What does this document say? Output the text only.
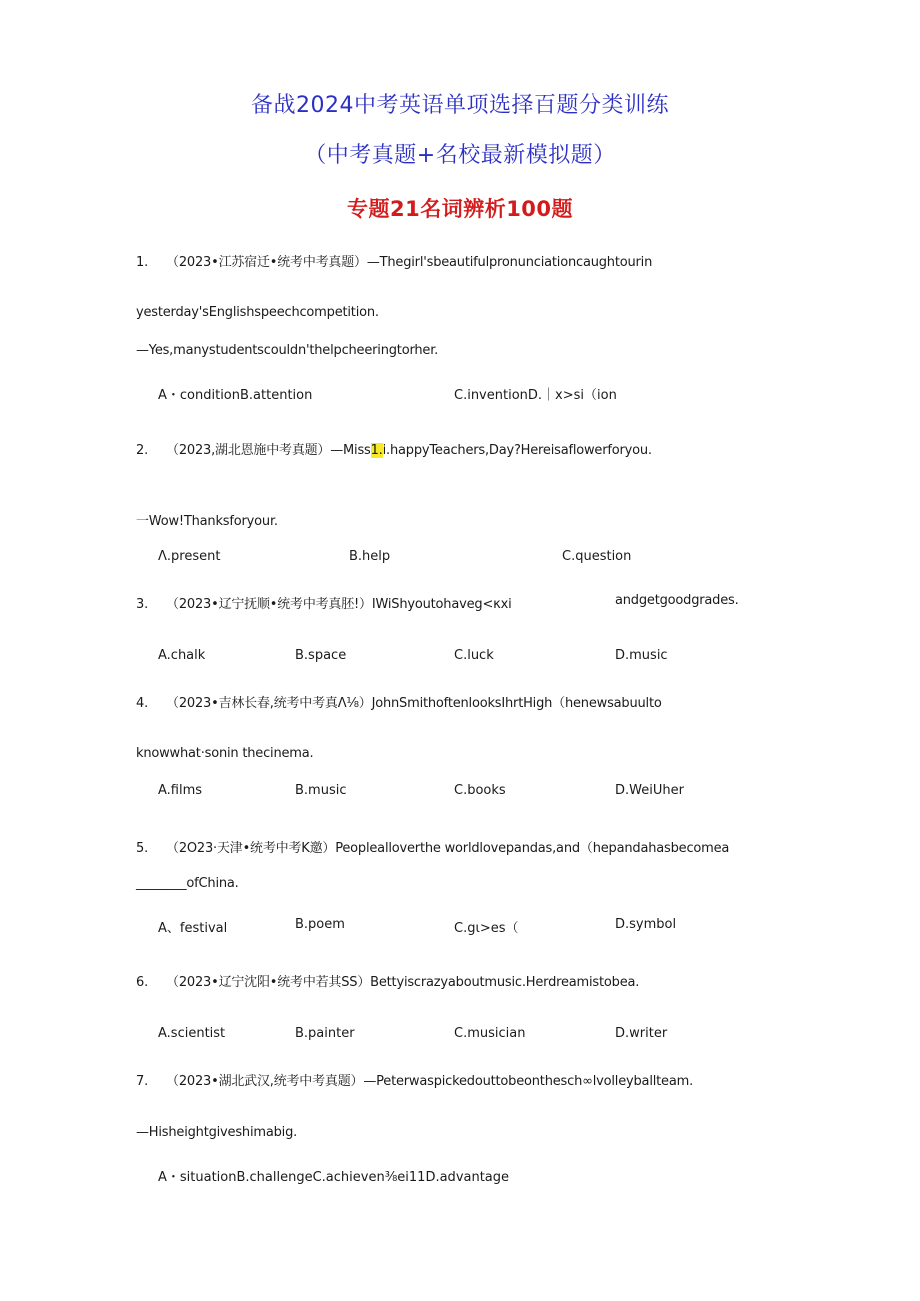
备战2024中考英语单项选择百题分类训练
（中考真题+名校最新模拟题）
专题21名词辨析100题
1. （2023•江苏宿迁•统考中考真题）—Thegirl'sbeautifulpronunciationcaughtourin
yesterday'sEnglishspeechcompetition.
—Yes,manystudentscouldn'thelpcheeringtorher.
A・conditionB.attention	C.inventionD.｜x>si（ion
2. （2023,湖北恩施中考真题）—Miss1.i.happyTeachers,Day?Hereisaflowerforyou.
一Wow!Thanksforyour.
Λ.present	B.help	C.question
3. （2023•辽宁抚顺•统考中考真胚!）IWiShyoutohaveg<κxi	andgetgoodgrades.
A.chalk	B.space	C.luck	D.music
4. （2023•吉林长春,统考中考真Λ⅛）JohnSmithoftenlooksIhrtHigh（henewsabuulto
knowwhat·sonin thecinema.
A.films	B.music	C.books	D.WeiUher
5. （2O23·天津•统考中考K邀）Peoplealloverthe worldlovepandas,and（hepandahasbecomea
________ofChina.
A、festival	B.poem	C.gι>es（	D.symbol
6. （2023•辽宁沈阳•统考中若其SS）Bettyiscrazyaboutmusic.Herdreamistobea.
A.scientist	B.painter	C.musician	D.writer
7. （2023•湖北武汉,统考中考真题）—Peterwaspickedouttobeonthesch∞lvolleyballteam.
—Hisheightgiveshimabig.
A・situationB.challengeC.achieven⅜ei11D.advantage
